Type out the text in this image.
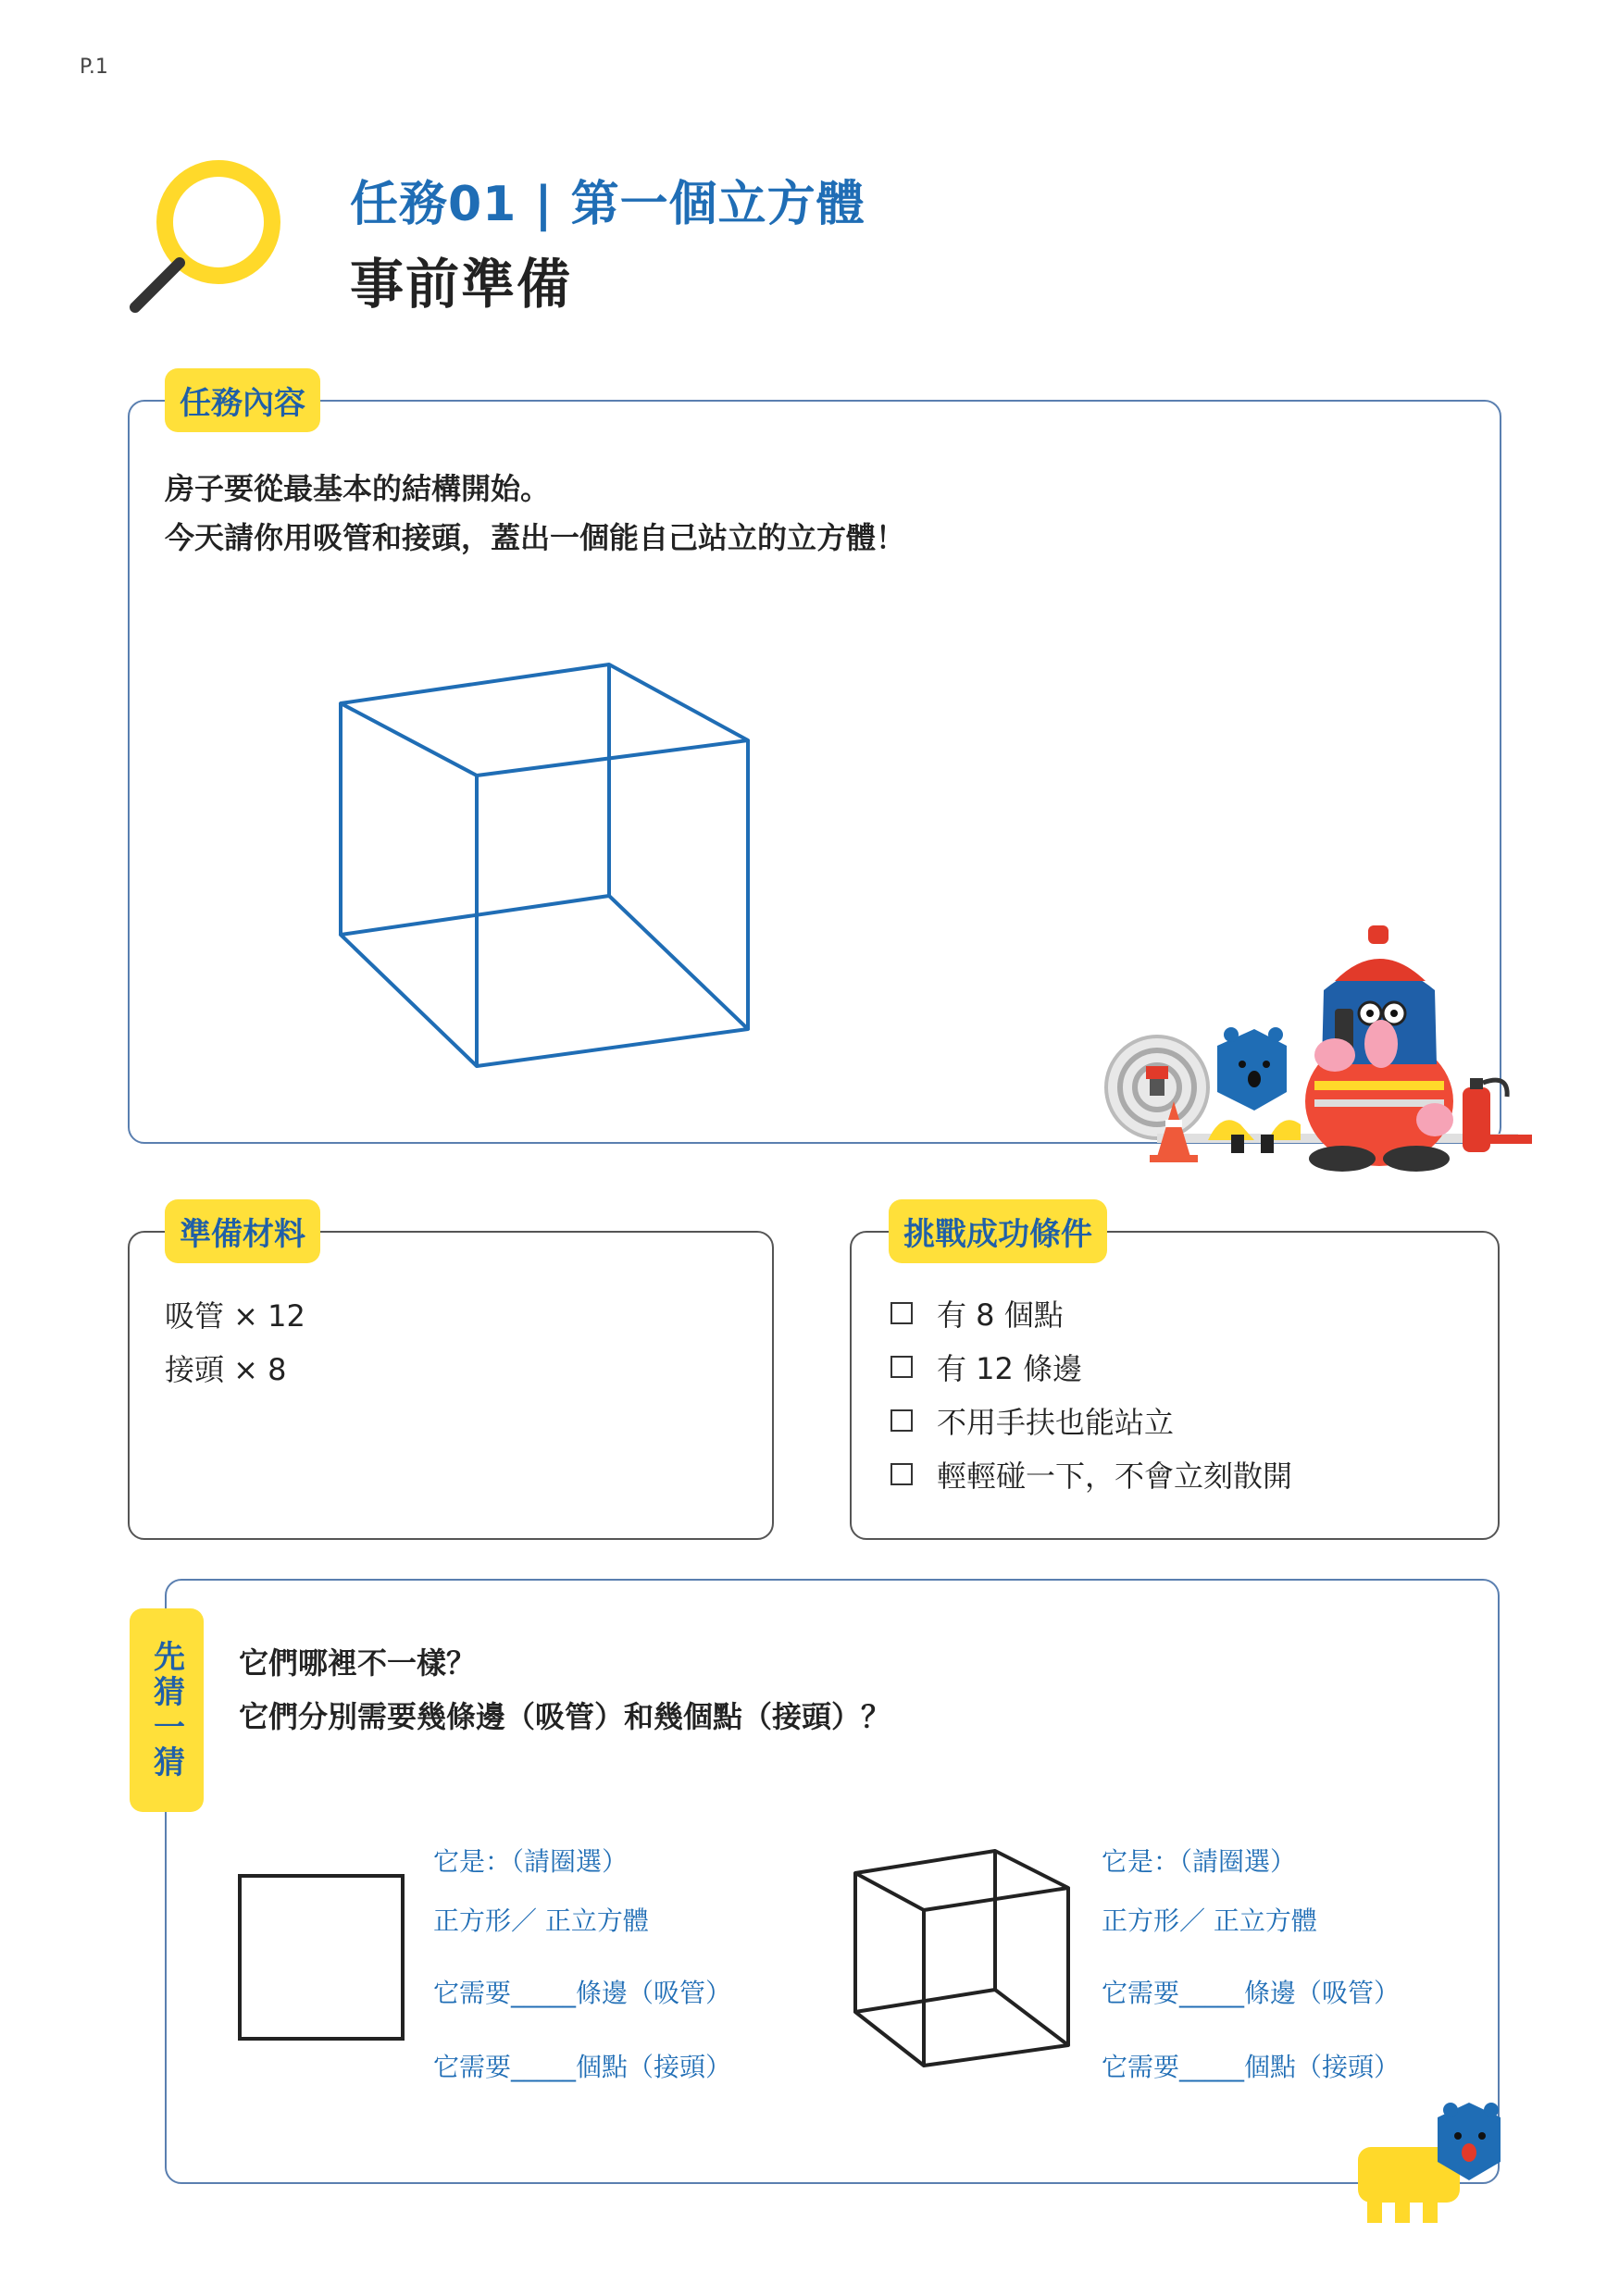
P.1
任務01 | 第一個立方體
事前準備
任務內容
房子要從最基本的結構開始。
今天請你用吸管和接頭，蓋出一個能自己站立的立方體！
準備材料
吸管 × 12
接頭 × 8
挑戰成功條件
有 8 個點
有 12 條邊
不用手扶也能站立
輕輕碰一下，不會立刻散開
先猜一猜	它們哪裡不一樣？
它們分別需要幾條邊（吸管）和幾個點（接頭）？
它是：（請圈選）
正方形／ 正立方體
它需要_____條邊（吸管）
它需要_____個點（接頭）
它是：（請圈選）
正方形／ 正立方體
它需要_____條邊（吸管）
它需要_____個點（接頭）
